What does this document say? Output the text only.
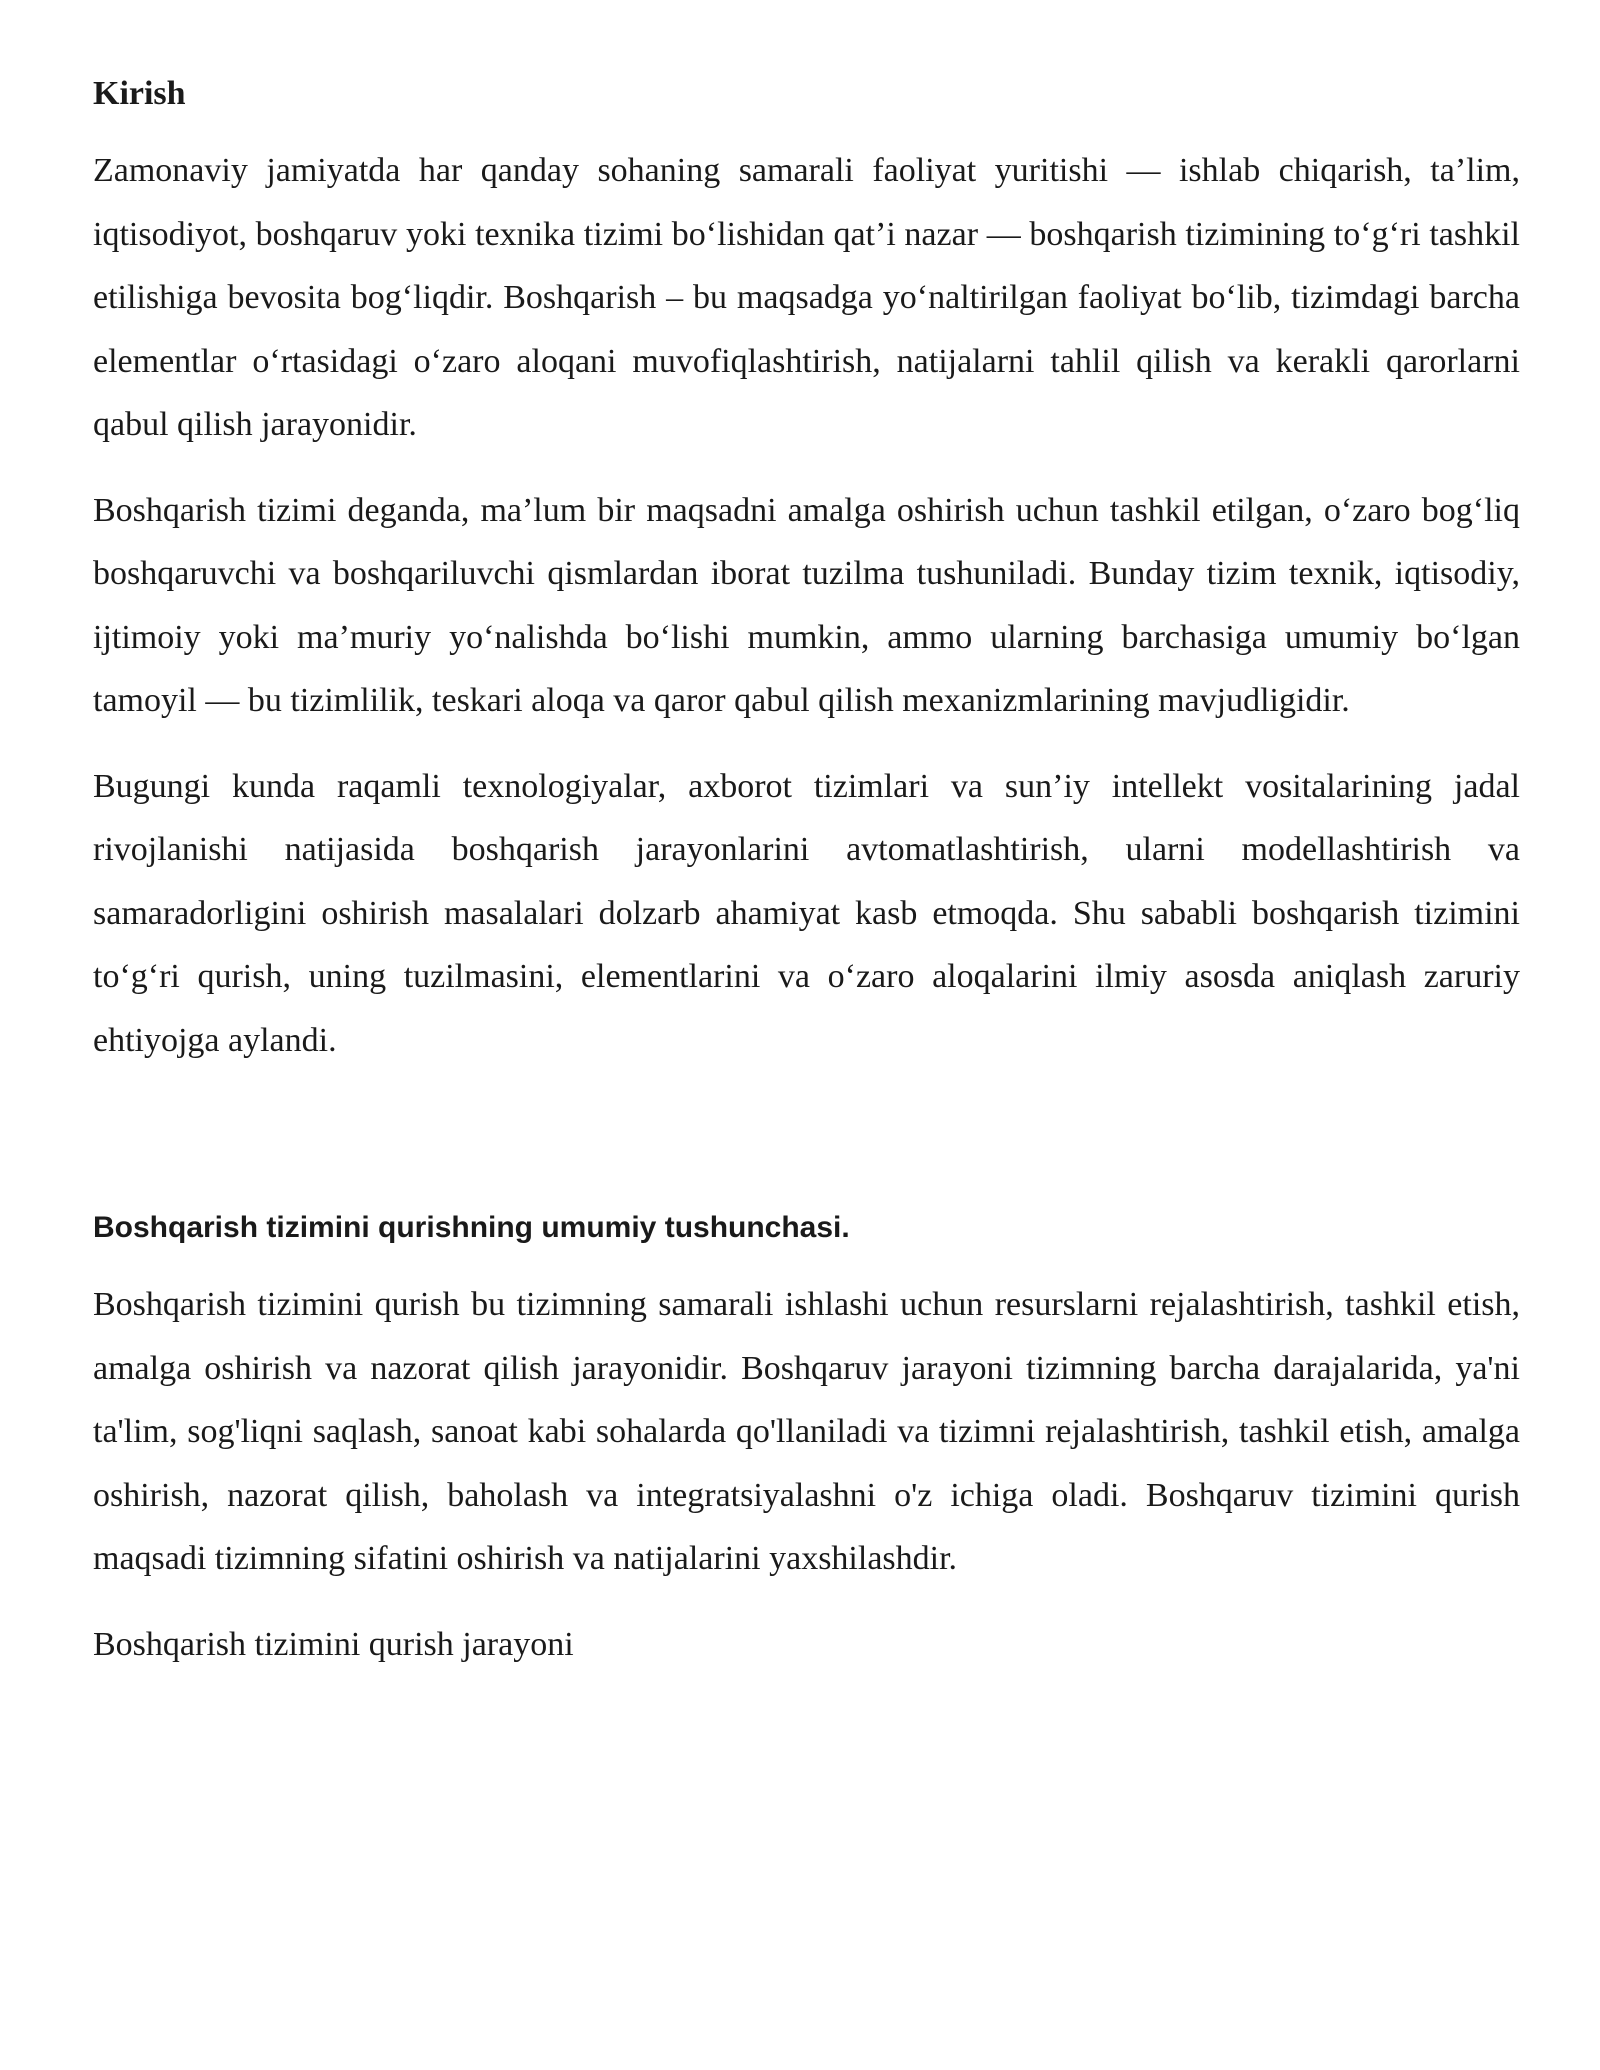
Kirish

Zamonaviy jamiyatda har qanday sohaning samarali faoliyat yuritishi — ishlab chiqarish, ta’lim, iqtisodiyot, boshqaruv yoki texnika tizimi bo‘lishidan qat’i nazar — boshqarish tizimining to‘g‘ri tashkil etilishiga bevosita bog‘liqdir. Boshqarish – bu maqsadga yo‘naltirilgan faoliyat bo‘lib, tizimdagi barcha elementlar o‘rtasidagi o‘zaro aloqani muvofiqlashtirish, natijalarni tahlil qilish va kerakli qarorlarni qabul qilish jarayonidir.

Boshqarish tizimi deganda, ma’lum bir maqsadni amalga oshirish uchun tashkil etilgan, o‘zaro bog‘liq boshqaruvchi va boshqariluvchi qismlardan iborat tuzilma tushuniladi. Bunday tizim texnik, iqtisodiy, ijtimoiy yoki ma’muriy yo‘nalishda bo‘lishi mumkin, ammo ularning barchasiga umumiy bo‘lgan tamoyil — bu tizimlilik, teskari aloqa va qaror qabul qilish mexanizmlarining mavjudligidir.

Bugungi kunda raqamli texnologiyalar, axborot tizimlari va sun’iy intellekt vositalarining jadal rivojlanishi natijasida boshqarish jarayonlarini avtomatlashtirish, ularni modellashtirish va samaradorligini oshirish masalalari dolzarb ahamiyat kasb etmoqda. Shu sababli boshqarish tizimini to‘g‘ri qurish, uning tuzilmasini, elementlarini va o‘zaro aloqalarini ilmiy asosda aniqlash zaruriy ehtiyojga aylandi.

Boshqarish tizimini qurishning umumiy tushunchasi.

Boshqarish tizimini qurish bu tizimning samarali ishlashi uchun resurslarni rejalashtirish, tashkil etish, amalga oshirish va nazorat qilish jarayonidir. Boshqaruv jarayoni tizimning barcha darajalarida, ya'ni ta'lim, sog'liqni saqlash, sanoat kabi sohalarda qo'llaniladi va tizimni rejalashtirish, tashkil etish, amalga oshirish, nazorat qilish, baholash va integratsiyalashni o'z ichiga oladi. Boshqaruv tizimini qurish maqsadi tizimning sifatini oshirish va natijalarini yaxshilashdir.

Boshqarish tizimini qurish jarayoni
